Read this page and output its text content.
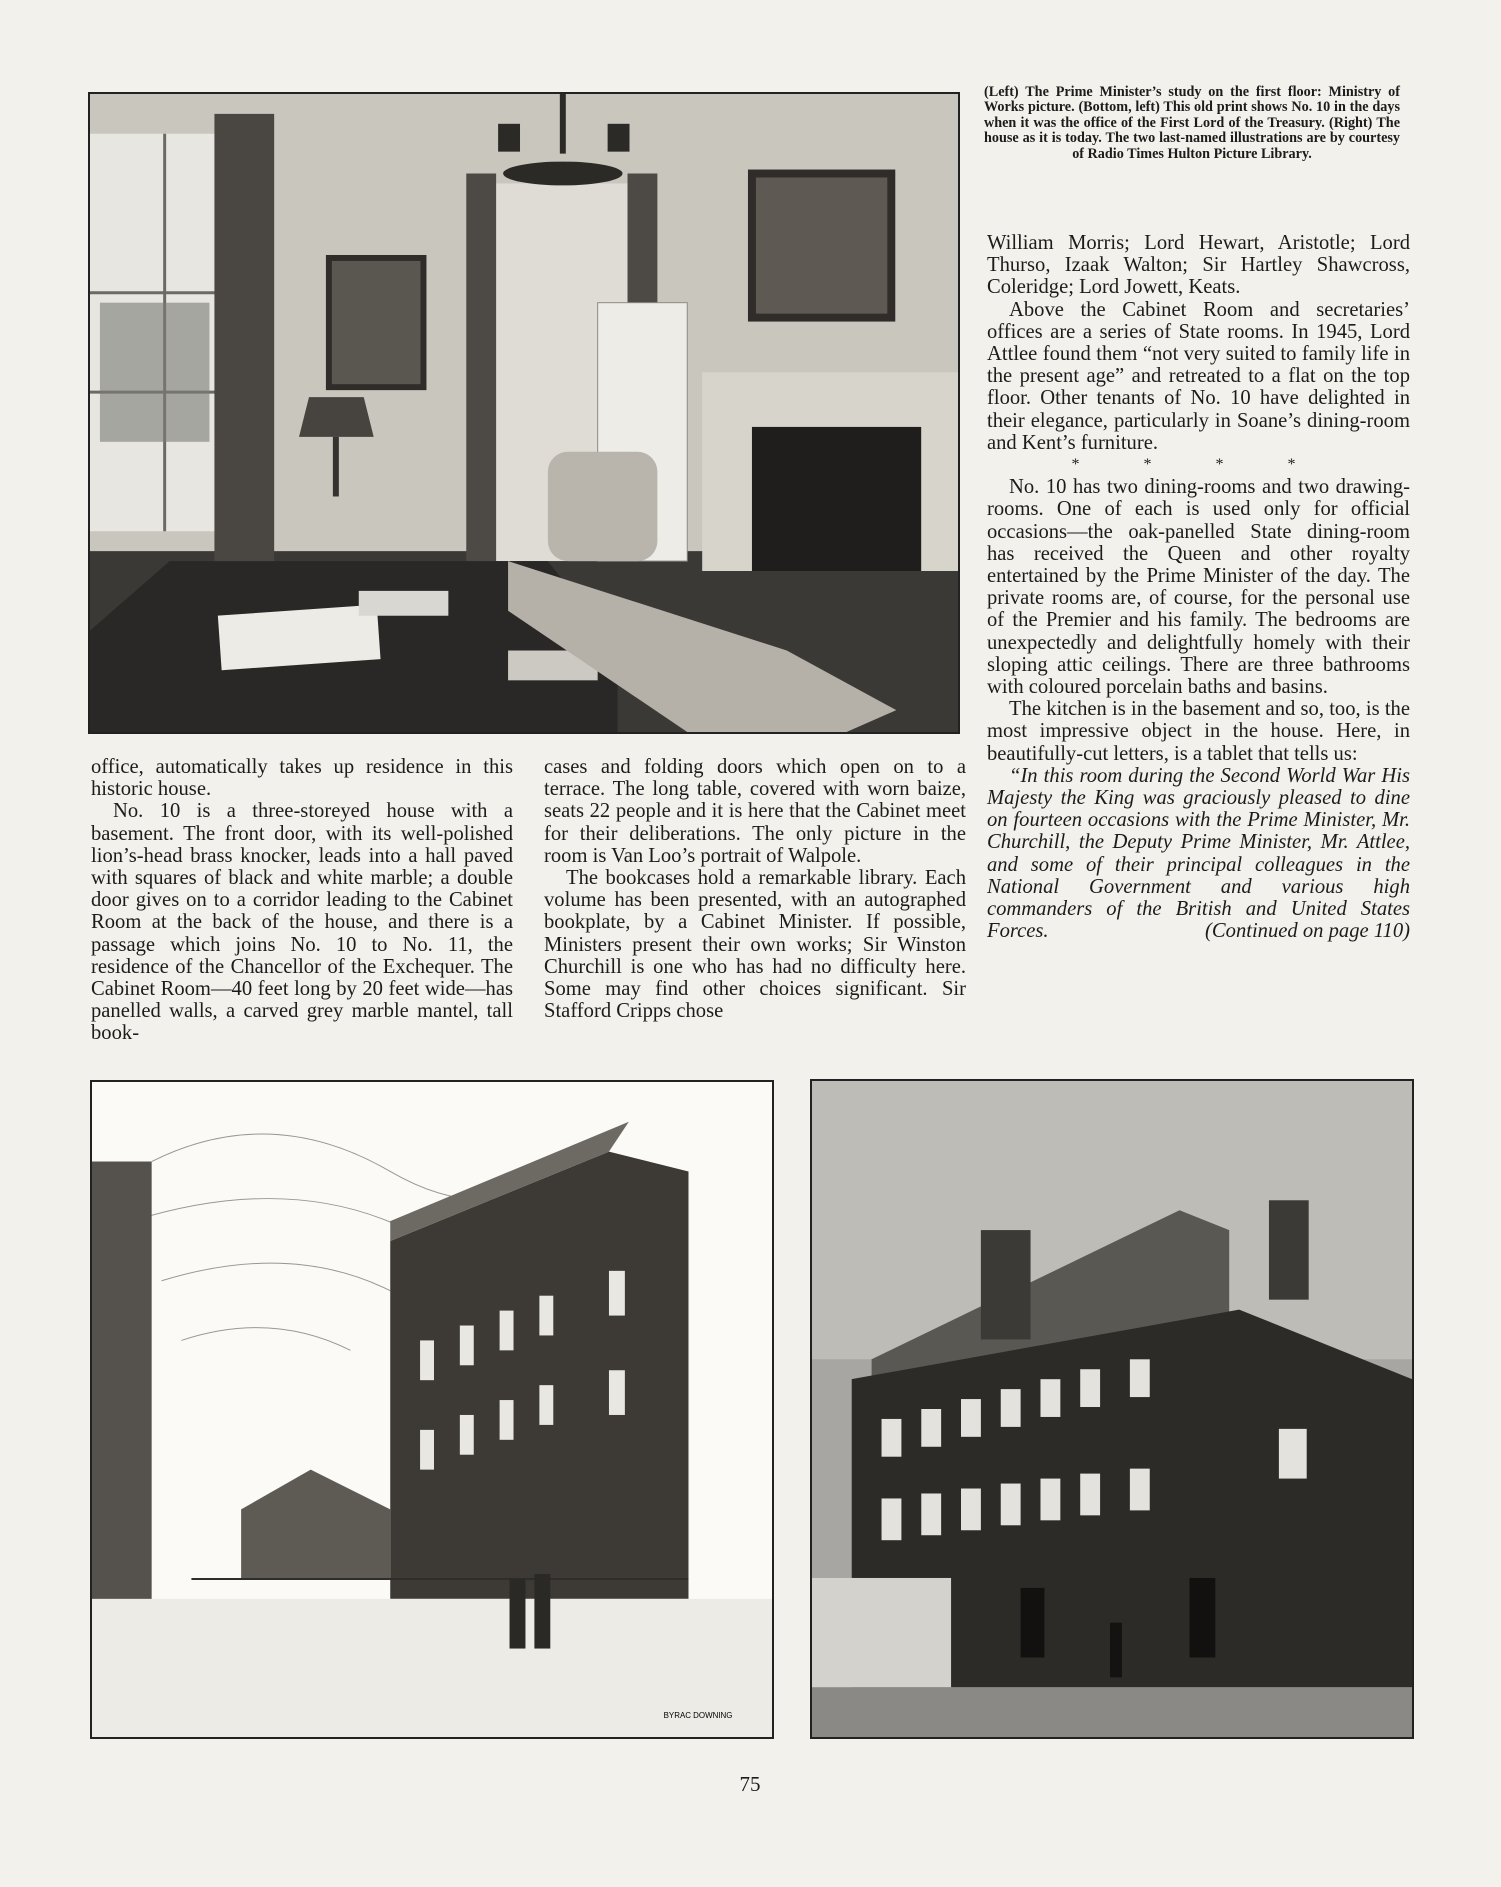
(Left) The Prime Minister’s study on the first floor: Ministry of Works picture. (Bottom, left) This old print shows No. 10 in the days when it was the office of the First Lord of the Treasury. (Right) The house as it is today. The two last-named illustrations are by courtesy of Radio Times Hulton Picture Library.

William Morris; Lord Hewart, Aristotle; Lord Thurso, Izaak Walton; Sir Hartley Shawcross, Coleridge; Lord Jowett, Keats.

Above the Cabinet Room and secretaries’ offices are a series of State rooms. In 1945, Lord Attlee found them “not very suited to family life in the present age” and retreated to a flat on the top floor. Other tenants of No. 10 have delighted in their elegance, particularly in Soane’s dining-room and Kent’s furniture.

* * * *

No. 10 has two dining-rooms and two drawing-rooms. One of each is used only for official occasions—the oak-panelled State dining-room has received the Queen and other royalty entertained by the Prime Minister of the day. The private rooms are, of course, for the personal use of the Premier and his family. The bedrooms are unexpectedly and delightfully homely with their sloping attic ceilings. There are three bathrooms with coloured porcelain baths and basins.

The kitchen is in the basement and so, too, is the most impressive object in the house. Here, in beautifully-cut letters, is a tablet that tells us:

“In this room during the Second World War His Majesty the King was graciously pleased to dine on fourteen occasions with the Prime Minister, Mr. Churchill, the Deputy Prime Minister, Mr. Attlee, and some of their principal colleagues in the National Government and various high commanders of the British and United States Forces.	(Continued on page 110)

office, automatically takes up residence in this historic house.

No. 10 is a three-storeyed house with a basement. The front door, with its well-polished lion’s-head brass knocker, leads into a hall paved with squares of black and white marble; a double door gives on to a corridor leading to the Cabinet Room at the back of the house, and there is a passage which joins No. 10 to No. 11, the residence of the Chancellor of the Exchequer. The Cabinet Room—40 feet long by 20 feet wide—has panelled walls, a carved grey marble mantel, tall book-

cases and folding doors which open on to a terrace. The long table, covered with worn baize, seats 22 people and it is here that the Cabinet meet for their deliberations. The only picture in the room is Van Loo’s portrait of Walpole.

The bookcases hold a remarkable library. Each volume has been presented, with an autographed bookplate, by a Cabinet Minister. If possible, Ministers present their own works; Sir Winston Churchill is one who has had no difficulty here. Some may find other choices significant. Sir Stafford Cripps chose

BYRAC DOWNING
75
